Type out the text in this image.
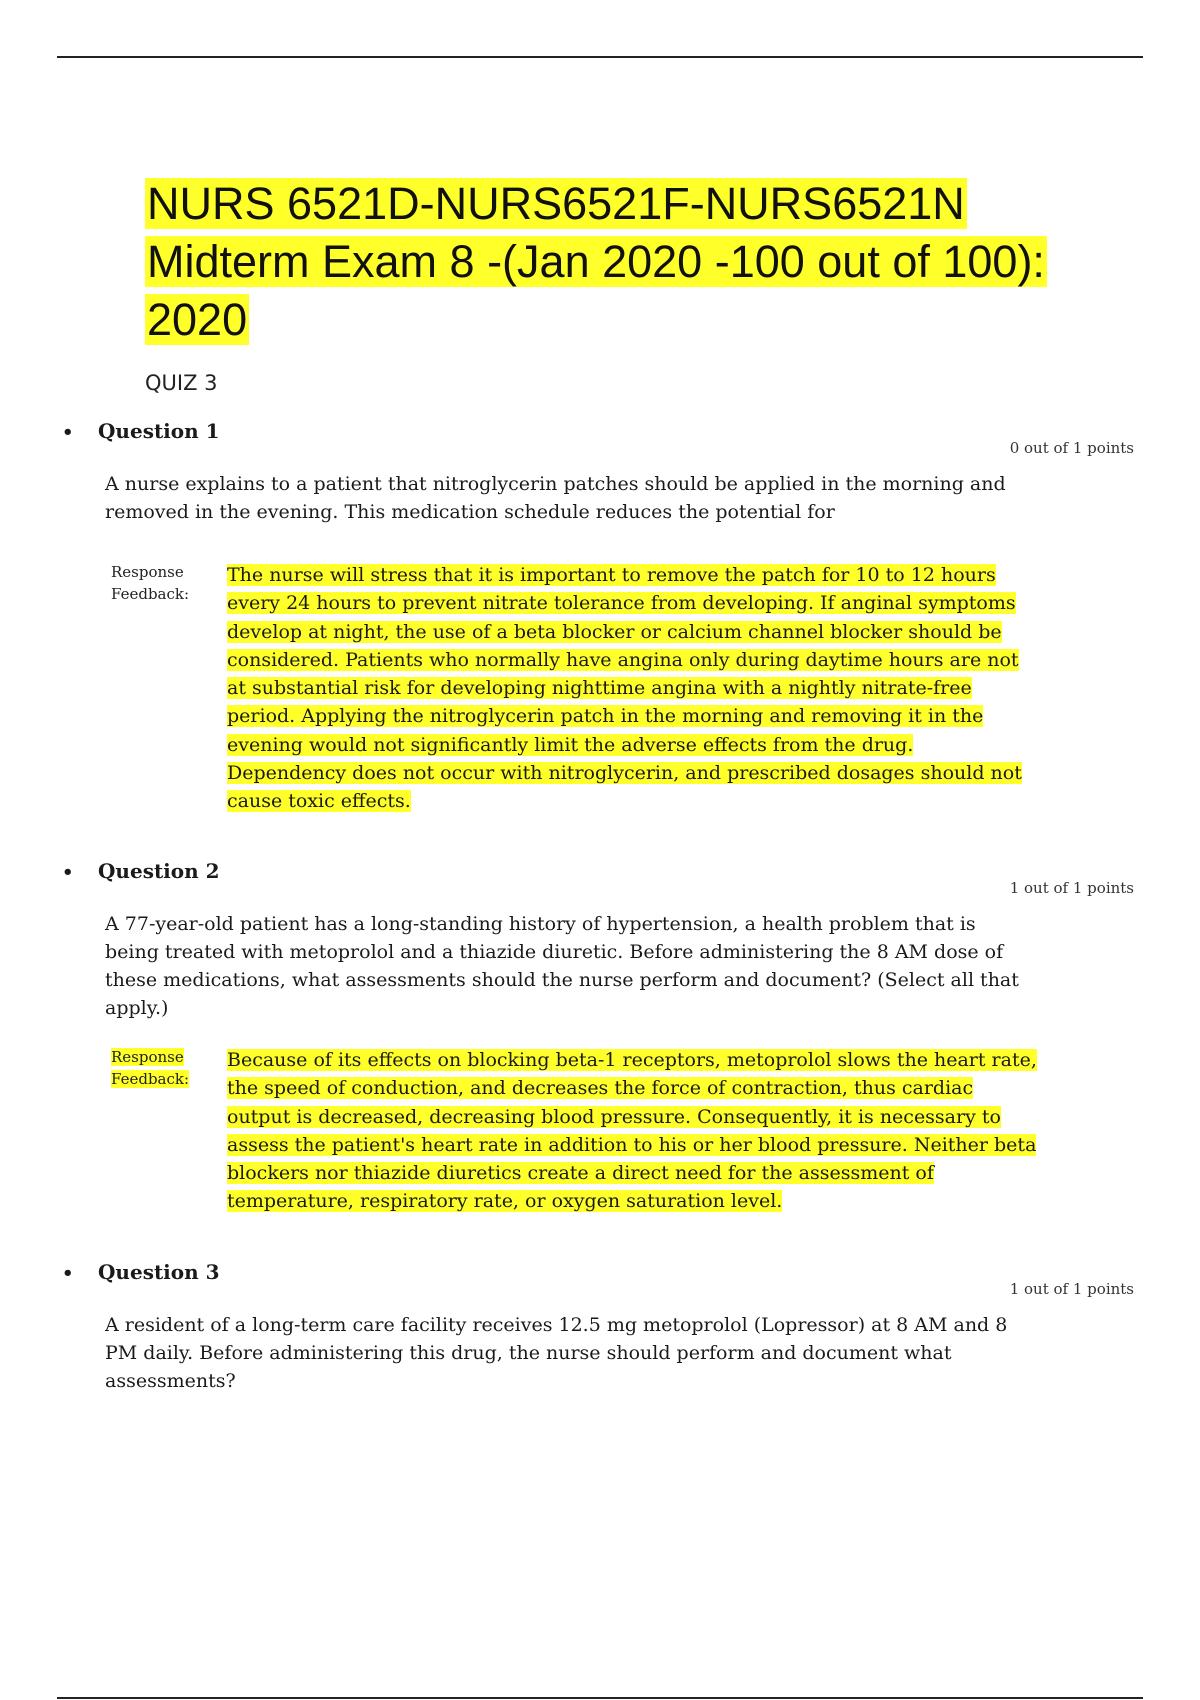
NURS 6521D-NURS6521F-NURS6521N Midterm Exam 8 -(Jan 2020 -100 out of 100): 2020

QUIZ 3

• Question 1

0 out of 1 points

A nurse explains to a patient that nitroglycerin patches should be applied in the morning and removed in the evening. This medication schedule reduces the potential for

Response Feedback:

The nurse will stress that it is important to remove the patch for 10 to 12 hours every 24 hours to prevent nitrate tolerance from developing. If anginal symptoms develop at night, the use of a beta blocker or calcium channel blocker should be considered. Patients who normally have angina only during daytime hours are not at substantial risk for developing nighttime angina with a nightly nitrate-free period. Applying the nitroglycerin patch in the morning and removing it in the evening would not significantly limit the adverse effects from the drug. Dependency does not occur with nitroglycerin, and prescribed dosages should not cause toxic effects.

• Question 2

1 out of 1 points

A 77-year-old patient has a long-standing history of hypertension, a health problem that is being treated with metoprolol and a thiazide diuretic. Before administering the 8 AM dose of these medications, what assessments should the nurse perform and document? (Select all that apply.)

Response Feedback:

Because of its effects on blocking beta-1 receptors, metoprolol slows the heart rate, the speed of conduction, and decreases the force of contraction, thus cardiac output is decreased, decreasing blood pressure. Consequently, it is necessary to assess the patient's heart rate in addition to his or her blood pressure. Neither beta blockers nor thiazide diuretics create a direct need for the assessment of temperature, respiratory rate, or oxygen saturation level.

• Question 3

1 out of 1 points

A resident of a long-term care facility receives 12.5 mg metoprolol (Lopressor) at 8 AM and 8 PM daily. Before administering this drug, the nurse should perform and document what assessments?
